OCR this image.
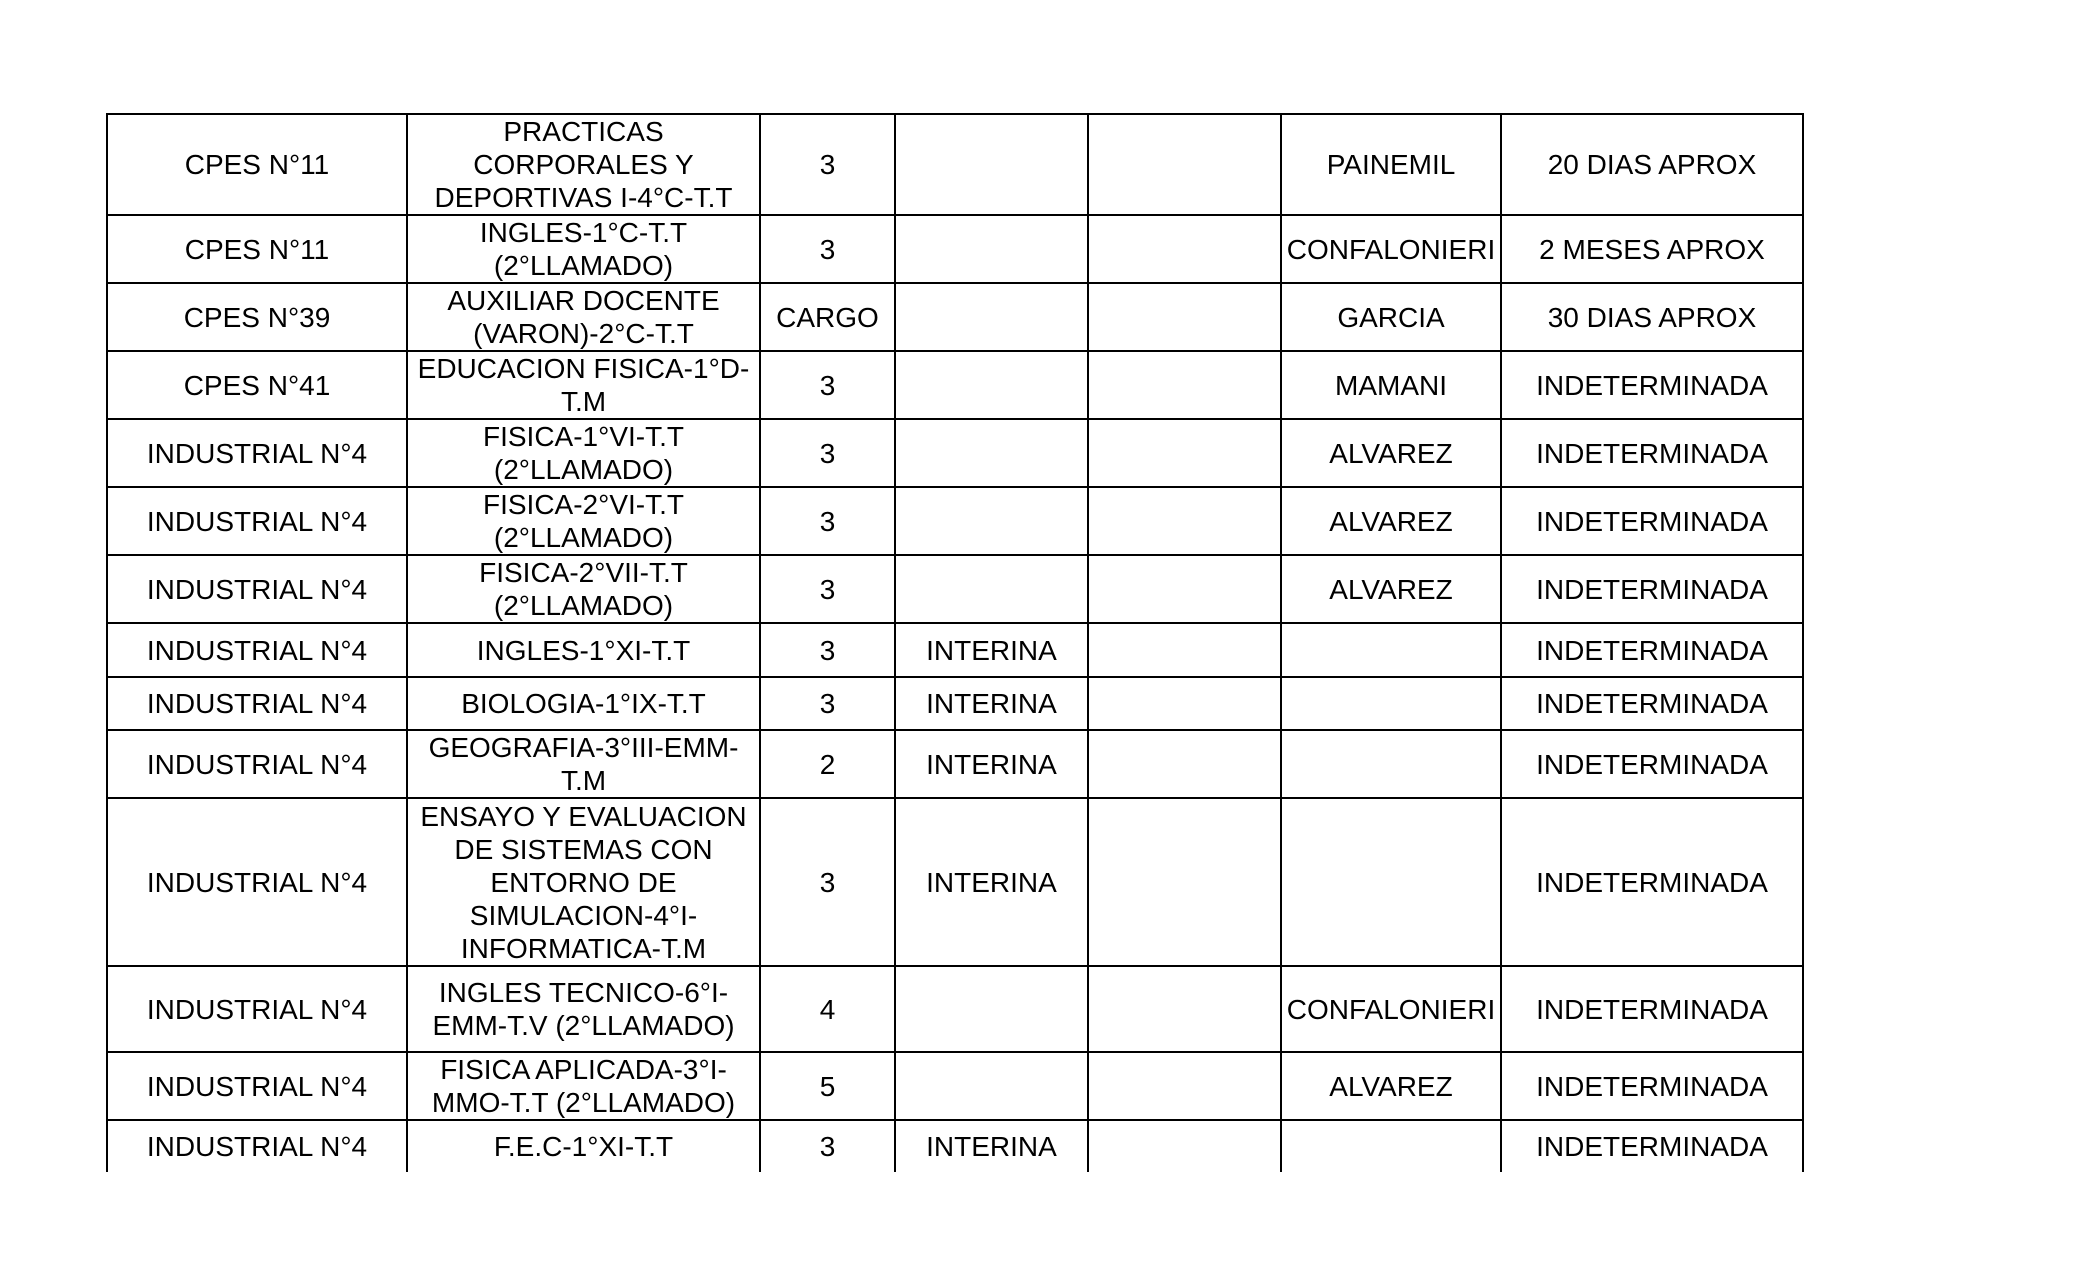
CPES N°11	PRACTICAS CORPORALES Y DEPORTIVAS I-4°C-T.T	3			PAINEMIL	20 DIAS APROX
CPES N°11	INGLES-1°C-T.T (2°LLAMADO)	3			CONFALONIERI	2 MESES APROX
CPES N°39	AUXILIAR DOCENTE (VARON)-2°C-T.T	CARGO			GARCIA	30 DIAS APROX
CPES N°41	EDUCACION FISICA-1°D-T.M	3			MAMANI	INDETERMINADA
INDUSTRIAL N°4	FISICA-1°VI-T.T (2°LLAMADO)	3			ALVAREZ	INDETERMINADA
INDUSTRIAL N°4	FISICA-2°VI-T.T (2°LLAMADO)	3			ALVAREZ	INDETERMINADA
INDUSTRIAL N°4	FISICA-2°VII-T.T (2°LLAMADO)	3			ALVAREZ	INDETERMINADA
INDUSTRIAL N°4	INGLES-1°XI-T.T	3	INTERINA			INDETERMINADA
INDUSTRIAL N°4	BIOLOGIA-1°IX-T.T	3	INTERINA			INDETERMINADA
INDUSTRIAL N°4	GEOGRAFIA-3°III-EMM-T.M	2	INTERINA			INDETERMINADA
INDUSTRIAL N°4	ENSAYO Y EVALUACION DE SISTEMAS CON ENTORNO DE SIMULACION-4°I-INFORMATICA-T.M	3	INTERINA			INDETERMINADA
INDUSTRIAL N°4	INGLES TECNICO-6°I-EMM-T.V (2°LLAMADO)	4			CONFALONIERI	INDETERMINADA
INDUSTRIAL N°4	FISICA APLICADA-3°I-MMO-T.T (2°LLAMADO)	5			ALVAREZ	INDETERMINADA
INDUSTRIAL N°4	F.E.C-1°XI-T.T	3	INTERINA			INDETERMINADA
